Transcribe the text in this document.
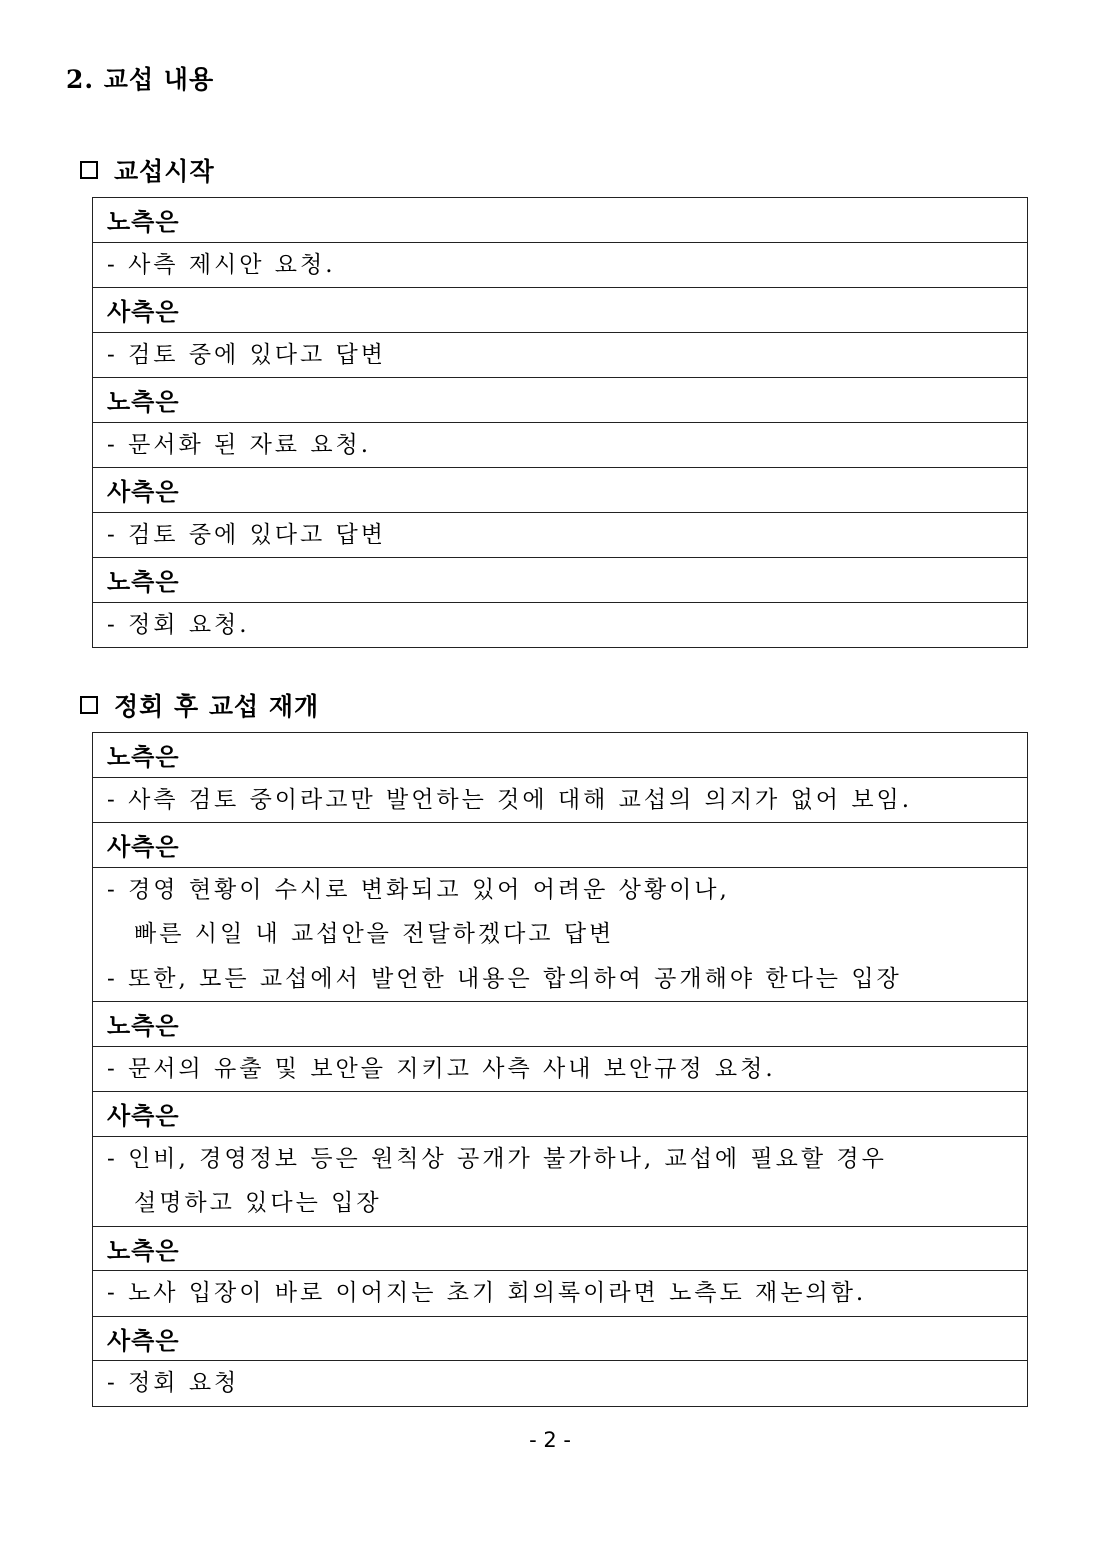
2. 교섭 내용
교섭시작
노측은

- 사측 제시안 요청.

사측은

- 검토 중에 있다고 답변

노측은

- 문서화 된 자료 요청.

사측은

- 검토 중에 있다고 답변

노측은

- 정회 요청.
정회 후 교섭 재개
노측은

- 사측 검토 중이라고만 발언하는 것에 대해 교섭의 의지가 없어 보임.

사측은

- 경영 현황이 수시로 변화되고 있어 어려운 상황이나,
빠른 시일 내 교섭안을 전달하겠다고 답변
- 또한, 모든 교섭에서 발언한 내용은 합의하여 공개해야 한다는 입장

노측은

- 문서의 유출 및 보안을 지키고 사측 사내 보안규정 요청.

사측은

- 인비, 경영정보 등은 원칙상 공개가 불가하나, 교섭에 필요할 경우
설명하고 있다는 입장

노측은

- 노사 입장이 바로 이어지는 초기 회의록이라면 노측도 재논의함.

사측은

- 정회 요청
- 2 -
